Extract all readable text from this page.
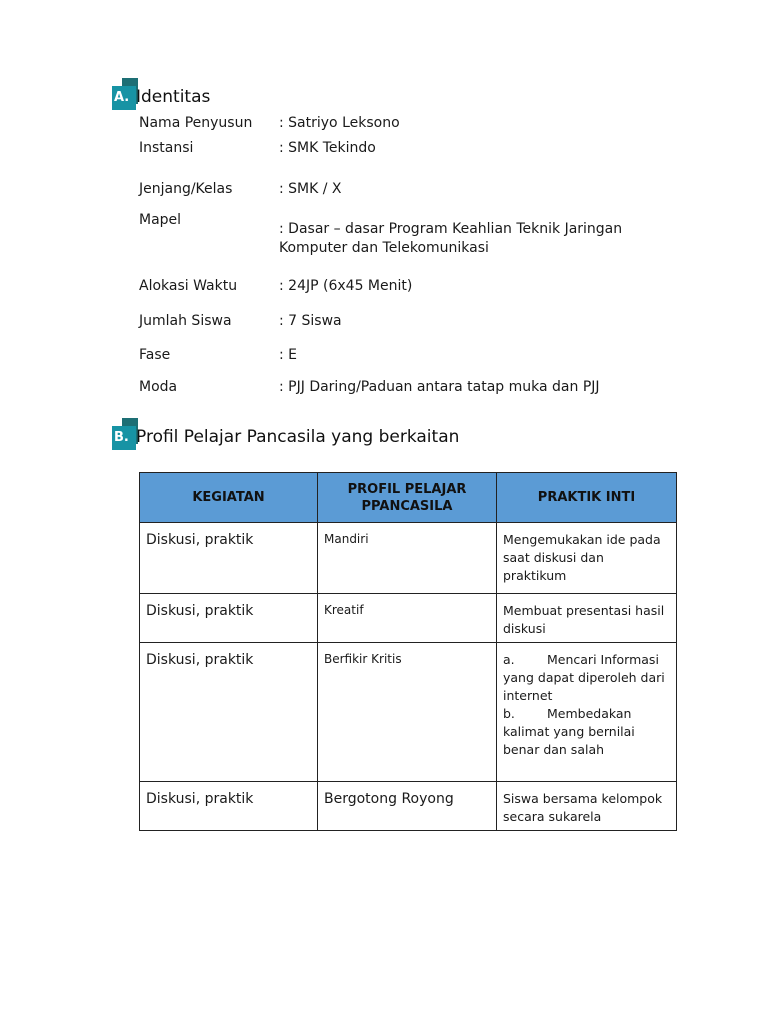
A. Identitas
Nama Penyusun : Satriyo Leksono
Instansi	: SMK Tekindo
Jenjang/Kelas	: SMK / X
Mapel
: Dasar – dasar Program Keahlian Teknik Jaringan Komputer dan Telekomunikasi
Alokasi Waktu	: 24JP (6x45 Menit)
Jumlah Siswa	: 7 Siswa
Fase	: E
Moda	: PJJ Daring/Paduan antara tatap muka dan PJJ
B. Profil Pelajar Pancasila yang berkaitan
KEGIATAN	PROFIL PELAJAR PPANCASILA	PRAKTIK INTI
Diskusi, praktik	Mandiri	Mengemukakan ide pada saat diskusi dan praktikum
Diskusi, praktik	Kreatif	Membuat presentasi hasil diskusi
Diskusi, praktik	Berfikir Kritis	a. Mencari Informasi yang dapat diperoleh dari internet
b. Membedakan kalimat yang bernilai benar dan salah

Diskusi, praktik	Bergotong Royong	Siswa bersama kelompok secara sukarela
